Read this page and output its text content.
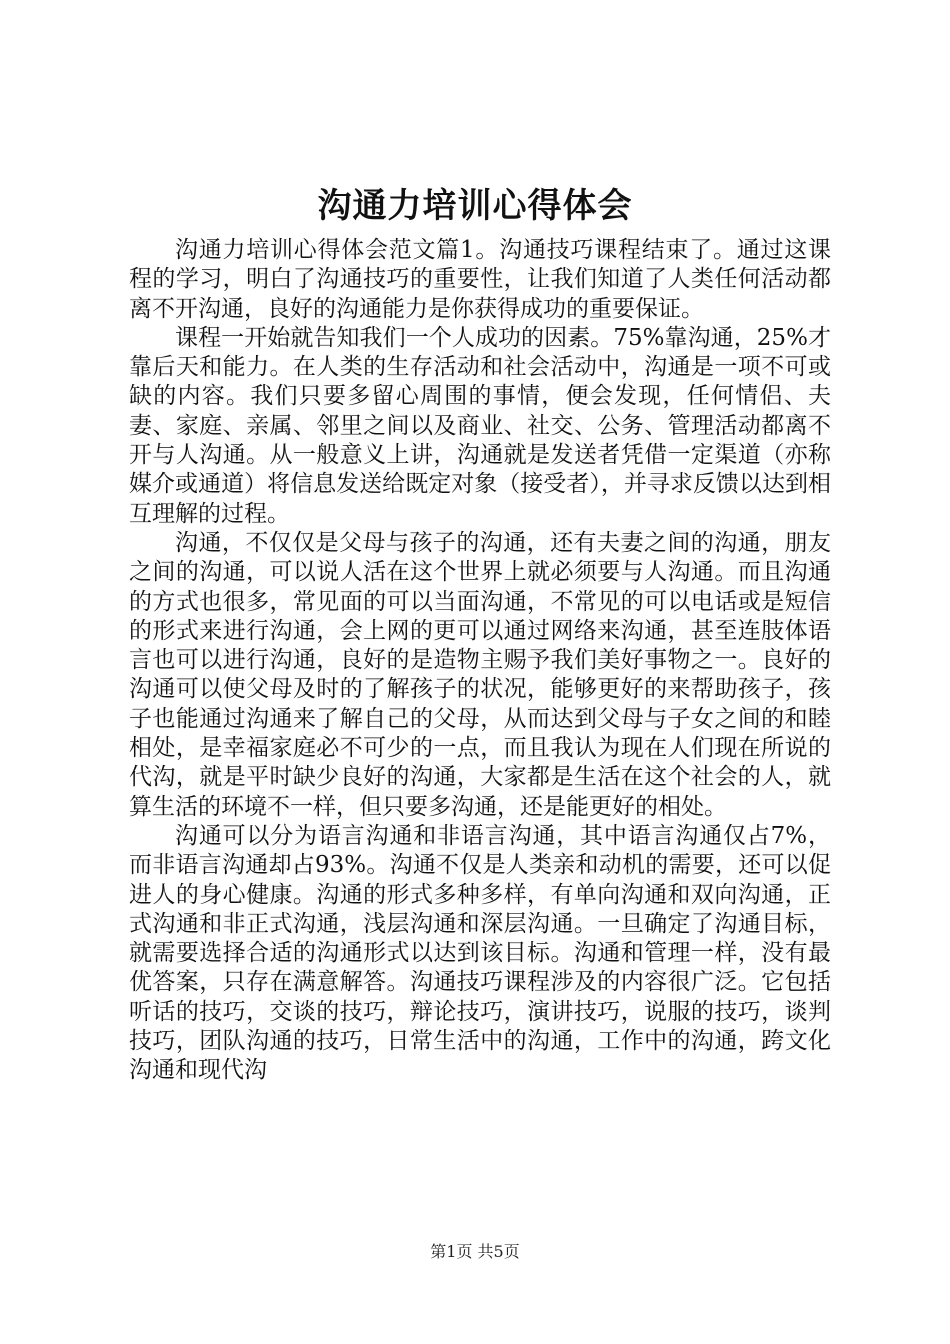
沟通力培训心得体会

沟通力培训心得体会范文篇1。沟通技巧课程结束了。通过这课程的学习，明白了沟通技巧的重要性，让我们知道了人类任何活动都离不开沟通，良好的沟通能力是你获得成功的重要保证。

课程一开始就告知我们一个人成功的因素。75%靠沟通，25%才靠后天和能力。在人类的生存活动和社会活动中，沟通是一项不可或缺的内容。我们只要多留心周围的事情，便会发现，任何情侣、夫妻、家庭、亲属、邻里之间以及商业、社交、公务、管理活动都离不开与人沟通。从一般意义上讲，沟通就是发送者凭借一定渠道（亦称媒介或通道）将信息发送给既定对象（接受者），并寻求反馈以达到相互理解的过程。

沟通，不仅仅是父母与孩子的沟通，还有夫妻之间的沟通，朋友之间的沟通，可以说人活在这个世界上就必须要与人沟通。而且沟通的方式也很多，常见面的可以当面沟通，不常见的可以电话或是短信的形式来进行沟通，会上网的更可以通过网络来沟通，甚至连肢体语言也可以进行沟通，良好的是造物主赐予我们美好事物之一。良好的沟通可以使父母及时的了解孩子的状况，能够更好的来帮助孩子，孩子也能通过沟通来了解自己的父母，从而达到父母与子女之间的和睦相处，是幸福家庭必不可少的一点，而且我认为现在人们现在所说的代沟，就是平时缺少良好的沟通，大家都是生活在这个社会的人，就算生活的环境不一样，但只要多沟通，还是能更好的相处。

沟通可以分为语言沟通和非语言沟通，其中语言沟通仅占7%，而非语言沟通却占93%。沟通不仅是人类亲和动机的需要，还可以促进人的身心健康。沟通的形式多种多样，有单向沟通和双向沟通，正式沟通和非正式沟通，浅层沟通和深层沟通。一旦确定了沟通目标，就需要选择合适的沟通形式以达到该目标。沟通和管理一样，没有最优答案，只存在满意解答。沟通技巧课程涉及的内容很广泛。它包括听话的技巧，交谈的技巧，辩论技巧，演讲技巧，说服的技巧，谈判技巧，团队沟通的技巧，日常生活中的沟通，工作中的沟通，跨文化沟通和现代沟

第1页 共5页
